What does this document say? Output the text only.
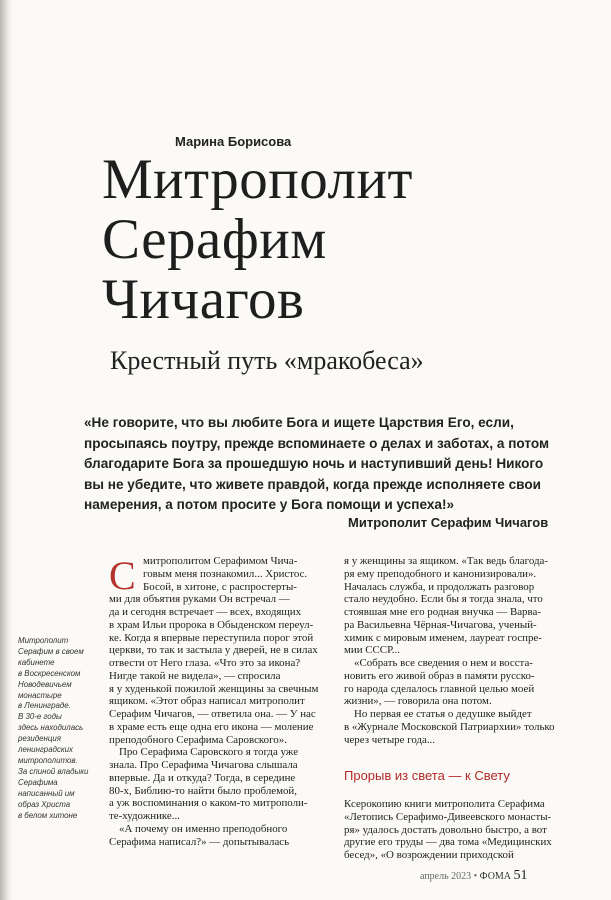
Марина Борисова
Митрополит
Серафим
Чичагов
Крестный путь «мракобеса»
«Не говорите, что вы любите Бога и ищете Царствия Его, если,
просыпаясь поутру, прежде вспоминаете о делах и заботах, а потом
благодарите Бога за прошедшую ночь и наступивший день! Никого
вы не убедите, что живете правдой, когда прежде исполняете свои
намерения, а потом просите у Бога помощи и успеха!»
Митрополит Серафим Чичагов
Митрополит
Серафим в своем
кабинете
в Воскресенском
Новодевичьем
монастыре
в Ленинграде.
В 30-е годы
здесь находилась
резиденция
ленинградских
митрополитов.
За спиной владыки
Серафима
написанный им
образ Христа
в белом хитоне
С митрополитом Серафимом Чича-
говым меня познакомил... Христос.
Босой, в хитоне, с распростерты-
ми для объятия руками Он встречал —
да и сегодня встречает — всех, входящих
в храм Ильи пророка в Обыденском переул-
ке. Когда я впервые переступила порог этой
церкви, то так и застыла у дверей, не в силах
отвести от Него глаза. «Что это за икона?
Нигде такой не видела», — спросила
я у худенькой пожилой женщины за свечным
ящиком. «Этот образ написал митрополит
Серафим Чичагов, — ответила она. — У нас
в храме есть еще одна его икона — моление
преподобного Серафима Саровского».
Про Серафима Саровского я тогда уже
знала. Про Серафима Чичагова слышала
впервые. Да и откуда? Тогда, в середине
80-х, Библию-то найти было проблемой,
а уж воспоминания о каком-то митрополи-
те-художнике...
«А почему он именно преподобного
Серафима написал?» — допытывалась
я у женщины за ящиком. «Так ведь благода-
ря ему преподобного и канонизировали».
Началась служба, и продолжать разговор
стало неудобно. Если бы я тогда знала, что
стоявшая мне его родная внучка — Варва-
ра Васильевна Чёрная-Чичагова, ученый-
химик с мировым именем, лауреат госпре-
мии СССР...
«Собрать все сведения о нем и восста-
новить его живой образ в памяти русско-
го народа сделалось главной целью моей
жизни», — говорила она потом.
Но первая ее статья о дедушке выйдет
в «Журнале Московской Патриархии» только
через четыре года...
Прорыв из света — к Свету
Ксерокопию книги митрополита Серафима
«Летопись Серафимо-Дивеевского монасты-
ря» удалось достать довольно быстро, а вот
другие его труды — два тома «Медицинских
бесед», «О возрождении приходской
апрель 2023 • ФОМА 51
